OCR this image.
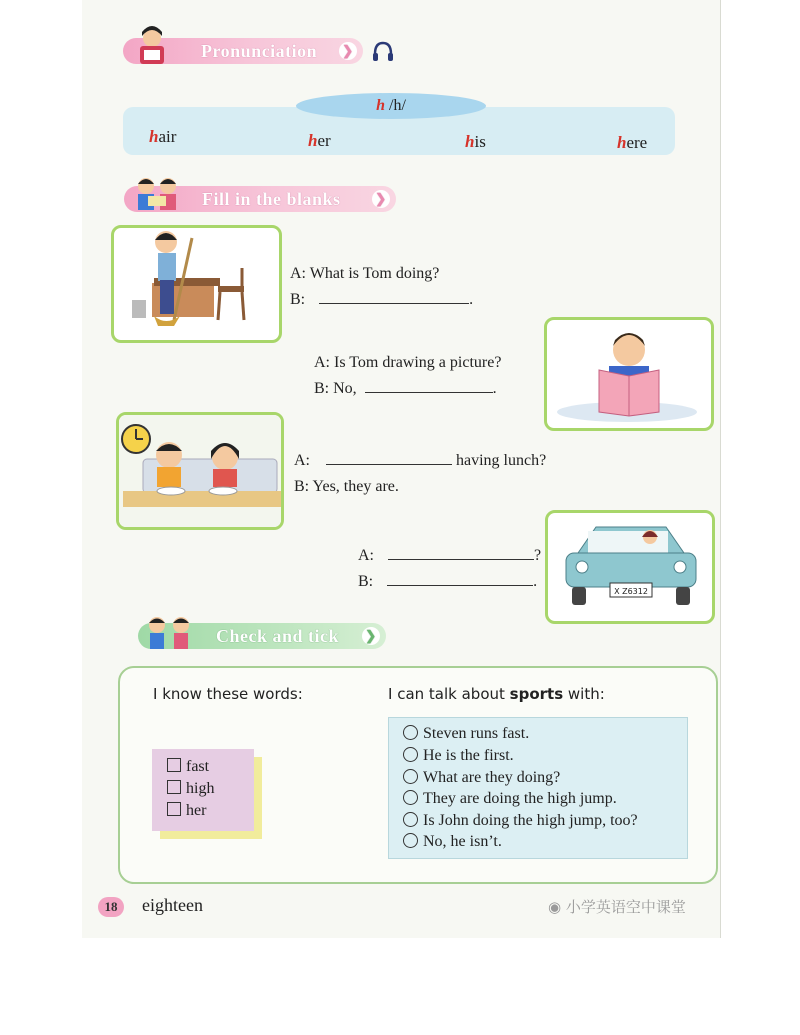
Pronunciation ❯
h /h/
hair	her	his	here
Fill in the blanks	❯
A: What is Tom doing?
B:	.
A: Is Tom drawing a picture?
B: No,	.
A:	having lunch?
B: Yes, they are.
X Z6312
A:	?
B:	.
Check and tick ❯
I know these words:	I can talk about sports with:
fast
high
her
Steven runs fast.
He is the first.
What are they doing?
They are doing the high jump.
Is John doing the high jump, too?
No, he isn’t.
18	eighteen	◉ 小学英语空中课堂
